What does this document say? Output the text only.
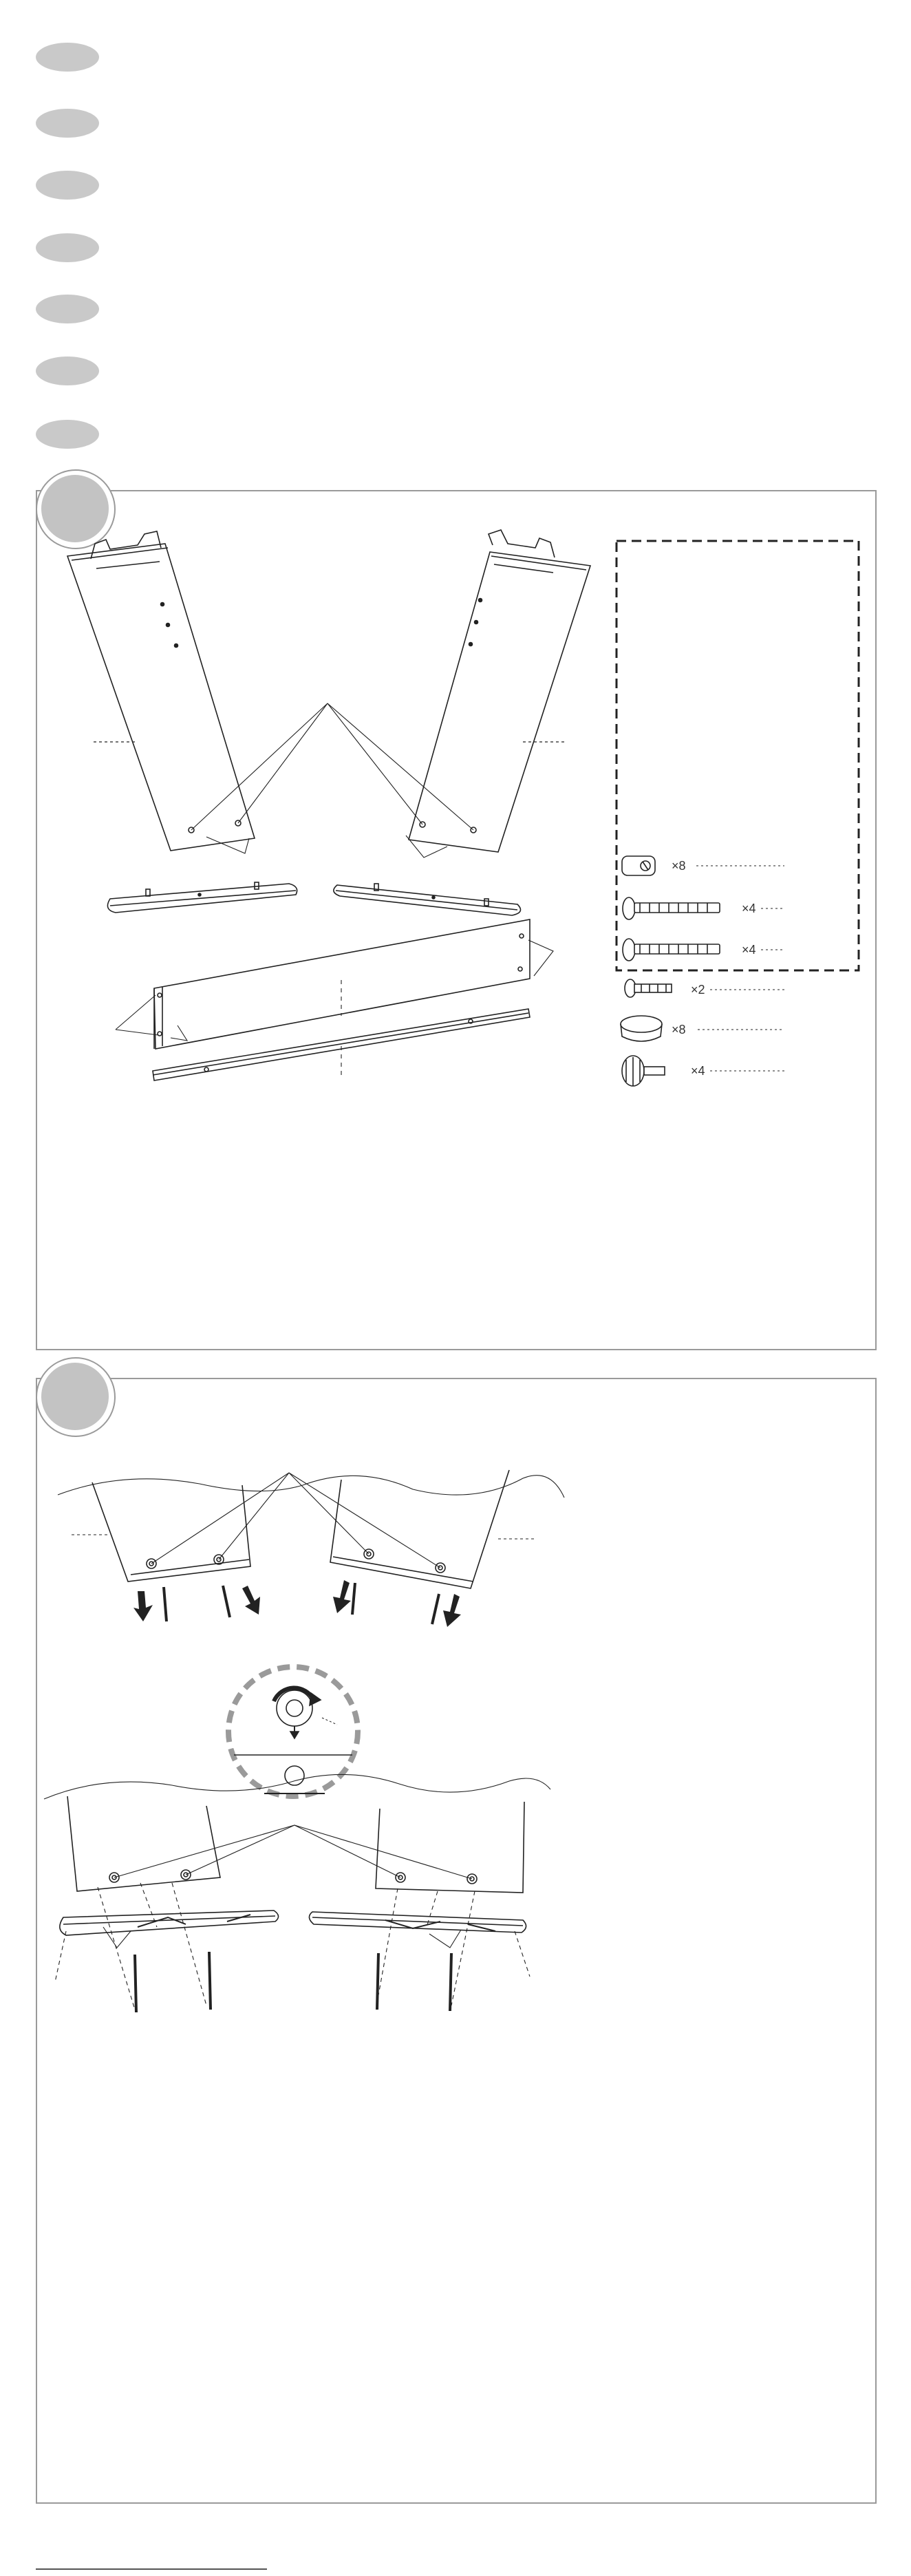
×8
×4
×4
×2
×8
×4
